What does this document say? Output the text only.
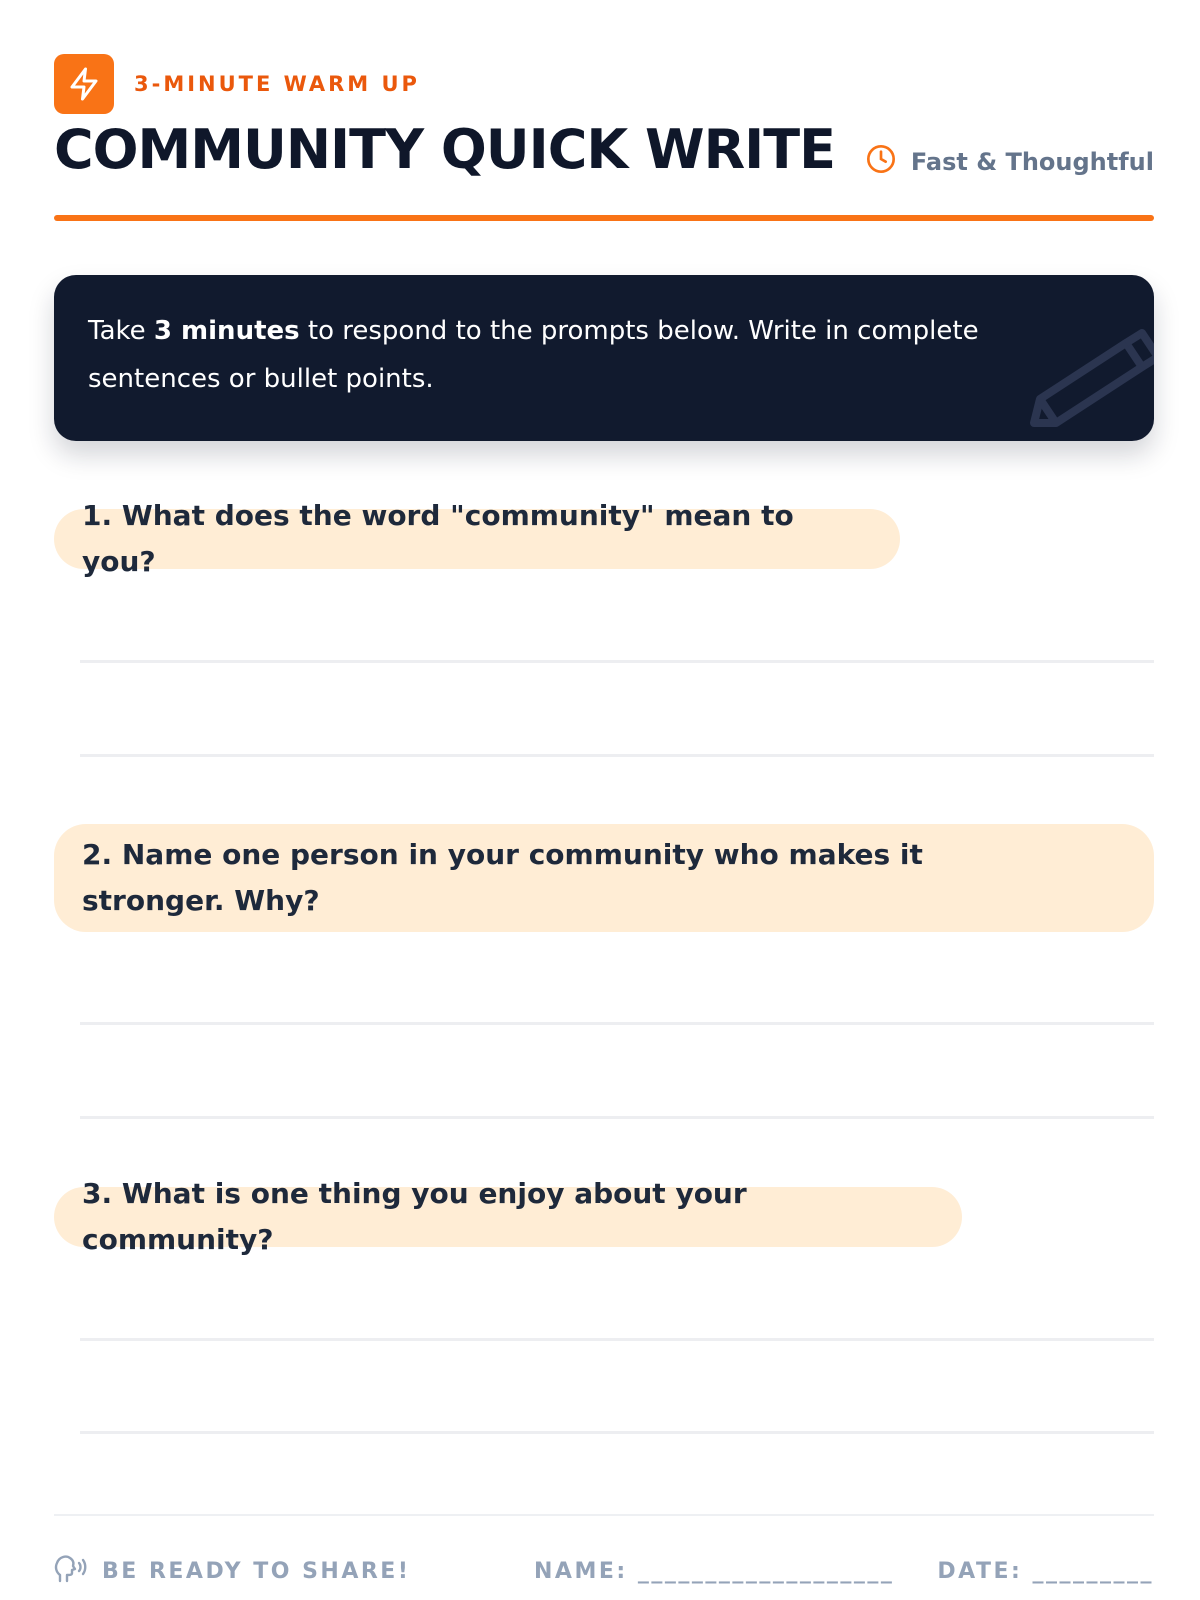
3-MINUTE WARM UP
COMMUNITY QUICK WRITE	Fast & Thoughtful

Take 3 minutes to respond to the prompts below. Write in complete sentences or bullet points.

1. What does the word "community" mean to you?
2. Name one person in your community who makes it stronger. Why?
3. What is one thing you enjoy about your community?
BE READY TO SHARE!	NAME: ___________________ DATE: _________
